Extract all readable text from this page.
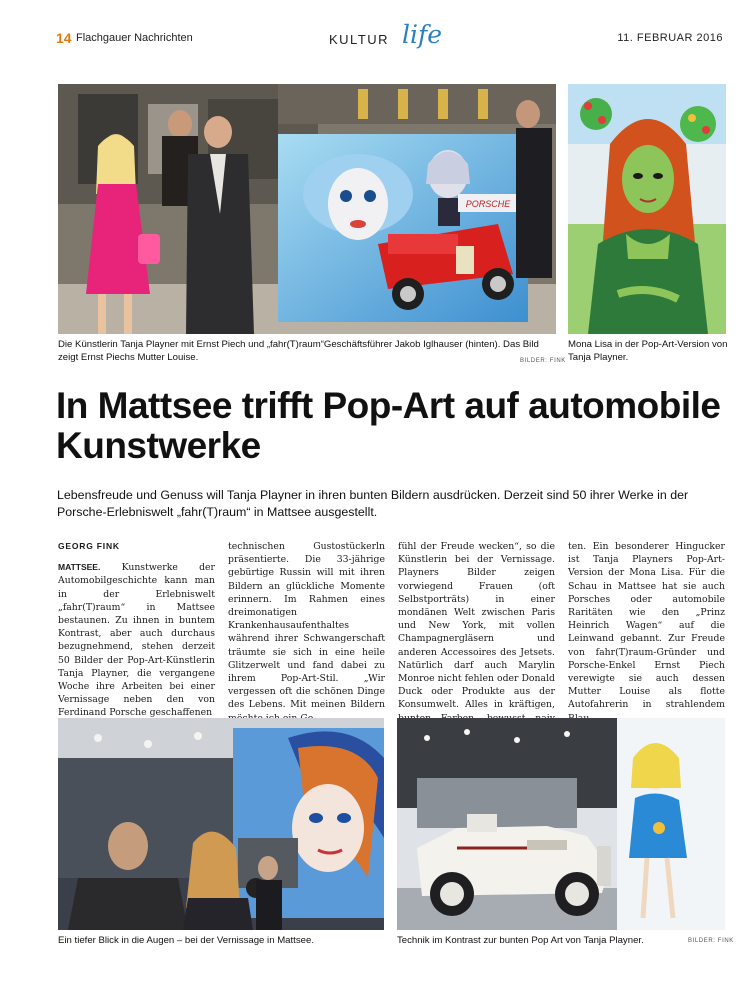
14 Flachgauer Nachrichten	KULTUR life	11. FEBRUAR 2016
PORSCHE
Die Künstlerin Tanja Playner mit Ernst Piech und „fahr(T)raum“Geschäftsführer Jakob Iglhauser (hinten). Das Bild zeigt Ernst Piechs Mutter Louise.	BILDER: FINK
Mona Lisa in der Pop-Art-Version von Tanja Playner.
In Mattsee trifft Pop-Art auf automobile Kunstwerke

Lebensfreude und Genuss will Tanja Playner in ihren bunten Bildern ausdrücken. Derzeit sind 50 ihrer Werke in der Porsche-Erlebniswelt „fahr(T)raum“ in Mattsee ausgestellt.

GEORG FINK
MATTSEE. Kunstwerke der Automobilgeschichte kann man in der Erlebniswelt „fahr(T)raum“ in Mattsee bestaunen. Zu ihnen in buntem Kontrast, aber auch durchaus bezugnehmend, stehen derzeit 50 Bilder der Pop-Art-Künstlerin Tanja Playner, die vergangene Woche ihre Arbeiten bei einer Vernissage neben den von Ferdinand Porsche geschaffenen
technischen Gustostückerln präsentierte. Die 33-jährige gebürtige Russin will mit ihren Bildern an glückliche Momente erinnern. Im Rahmen eines dreimonatigen Krankenhausaufenthaltes während ihrer Schwangerschaft träumte sie sich in eine heile Glitzerwelt und fand dabei zu ihrem Pop-Art-Stil. „Wir vergessen oft die schönen Dinge des Lebens. Mit meinen Bildern
fühl der Freude wecken“, so die Künstlerin bei der Vernissage. Playners Bilder zeigen vorwiegend Frauen (oft Selbstporträts) in einer mondänen Welt zwischen Paris und New York, mit vollen Champagnergläsern und anderen Accessoires des Jetsets. Natürlich darf auch Marylin Monroe nicht fehlen oder Donald Duck oder Produkte aus der Konsumwelt. Alles in kräftigen,
ten. Ein besonderer Hingucker ist Tanja Playners Pop-Art-Version der Mona Lisa. Für die Schau in Mattsee hat sie auch Porsches oder automobile Raritäten wie den „Prinz Heinrich Wagen“ auf die Leinwand gebannt. Zur Freude von fahr(T)raum-Gründer und Porsche-Enkel Ernst Piech verewigte sie auch dessen Mutter Louise als flotte Autofahrerin in strahlendem
Ein tiefer Blick in die Augen – bei der Vernissage in Mattsee.	Technik im Kontrast zur bunten Pop Art von Tanja Playner.	BILDER: FINK
